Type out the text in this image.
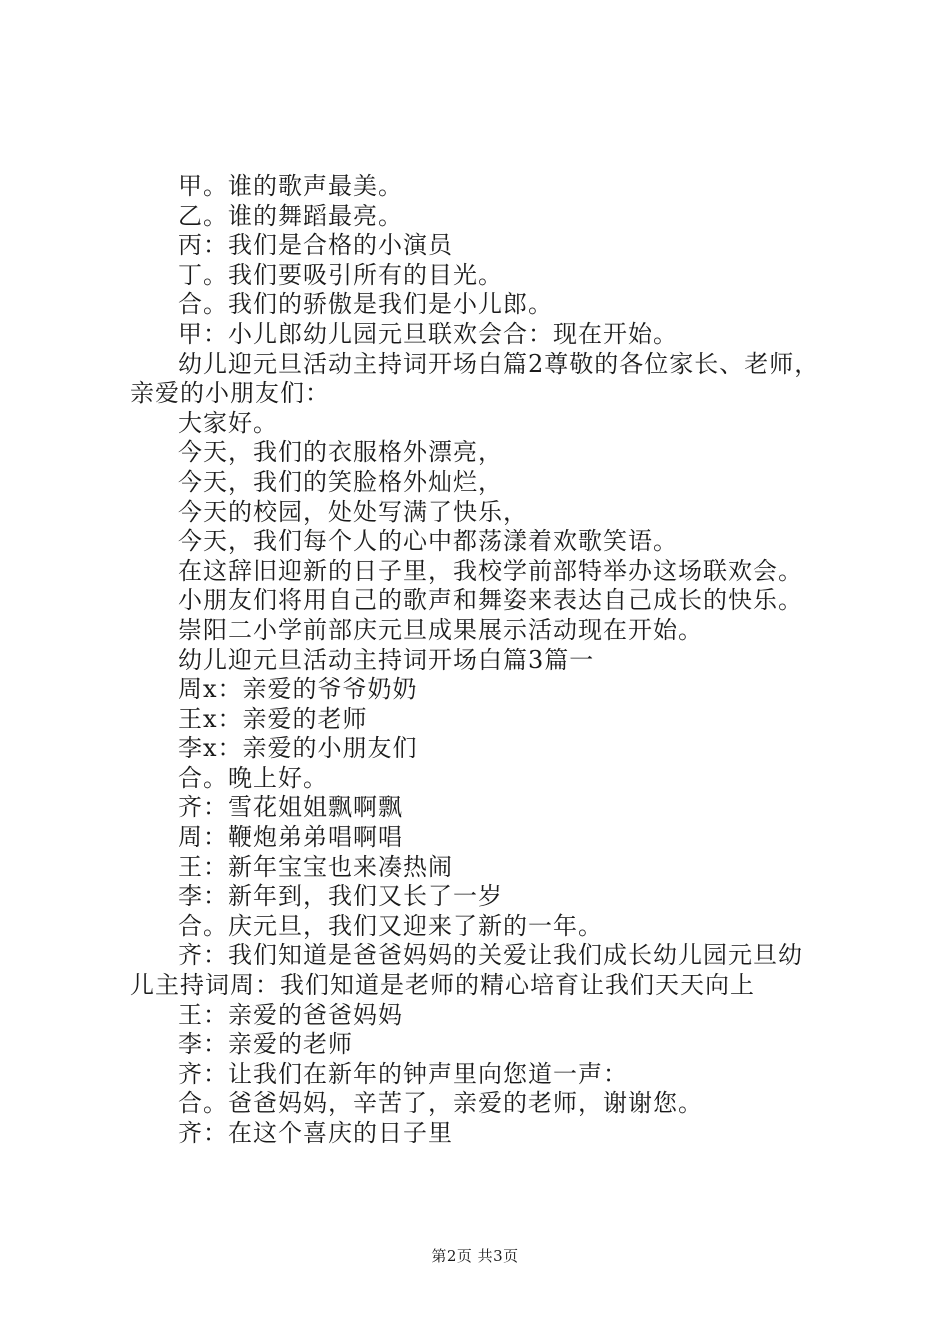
甲。谁的歌声最美。
乙。谁的舞蹈最亮。
丙：我们是合格的小演员
丁。我们要吸引所有的目光。
合。我们的骄傲是我们是小儿郎。
甲：小儿郎幼儿园元旦联欢会合：现在开始。
幼儿迎元旦活动主持词开场白篇2尊敬的各位家长、老师，
亲爱的小朋友们：
大家好。
今天，我们的衣服格外漂亮，
今天，我们的笑脸格外灿烂，
今天的校园，处处写满了快乐，
今天，我们每个人的心中都荡漾着欢歌笑语。
在这辞旧迎新的日子里，我校学前部特举办这场联欢会。
小朋友们将用自己的歌声和舞姿来表达自己成长的快乐。
崇阳二小学前部庆元旦成果展示活动现在开始。
幼儿迎元旦活动主持词开场白篇3篇一
周x：亲爱的爷爷奶奶
王x：亲爱的老师
李x：亲爱的小朋友们
合。晚上好。
齐：雪花姐姐飘啊飘
周：鞭炮弟弟唱啊唱
王：新年宝宝也来凑热闹
李：新年到，我们又长了一岁
合。庆元旦，我们又迎来了新的一年。
齐：我们知道是爸爸妈妈的关爱让我们成长幼儿园元旦幼
儿主持词周：我们知道是老师的精心培育让我们天天向上
王：亲爱的爸爸妈妈
李：亲爱的老师
齐：让我们在新年的钟声里向您道一声：
合。爸爸妈妈，辛苦了，亲爱的老师，谢谢您。
齐：在这个喜庆的日子里
第2页 共3页
